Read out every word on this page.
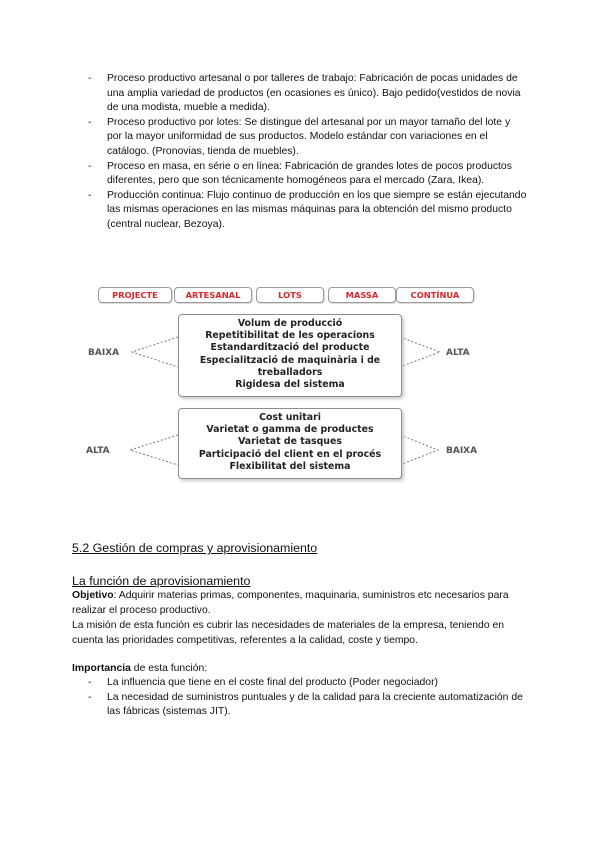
- Proceso productivo artesanal o por talleres de trabajo: Fabricación de pocas unidades de una amplia variedad de productos (en ocasiones es único). Bajo pedido(vestidos de novia de una modista, mueble a medida).
- Proceso productivo por lotes: Se distingue del artesanal por un mayor tamaño del lote y por la mayor uniformidad de sus productos. Modelo estándar con variaciones en el catálogo. (Pronovias, tienda de muebles).
- Proceso en masa, en série o en línea: Fabricación de grandes lotes de pocos productos diferentes, pero que son técnicamente homogéneos para el mercado (Zara, Ikea).
- Producción continua: Flujo continuo de producción en los que siempre se están ejecutando las mismas operaciones en las mismas máquinas para la obtención del mismo producto (central nuclear, Bezoya).
PROJECTE	ARTESANAL	LOTS	MASSA	CONTÍNUA
BAIXA	ALTA
ALTA	BAIXA
Volum de producció
Repetitibilitat de les operacions
Estandardització del producte
Especialització de maquinària i de
treballadors
Rigidesa del sistema
Cost unitari
Varietat o gamma de productes
Varietat de tasques
Participació del client en el procés
Flexibilitat del sistema
5.2 Gestión de compras y aprovisionamiento
La función de aprovisionamiento

Objetivo: Adquirir materias primas, componentes, maquinaria, suministros etc necesarios para realizar el proceso productivo.

La misión de esta función es cubrir las necesidades de materiales de la empresa, teniendo en cuenta las prioridades competitivas, referentes a la calidad, coste y tiempo.

Importancia de esta función:

- La influencia que tiene en el coste final del producto (Poder negociador)
- La necesidad de suministros puntuales y de la calidad para la creciente automatización de las fábricas (sistemas JIT).
